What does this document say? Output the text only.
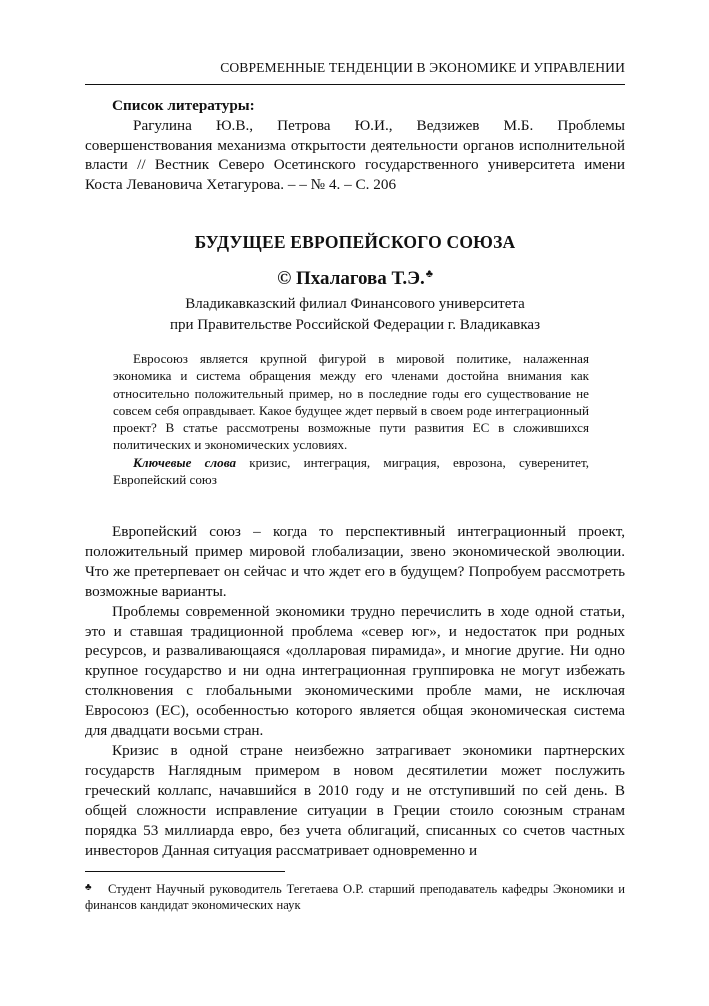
СОВРЕМЕННЫЕ ТЕНДЕНЦИИ В ЭКОНОМИКЕ И УПРАВЛЕНИИ
Список литературы:
Рагулина Ю.В., Петрова Ю.И., Ведзижев М.Б. Проблемы совершенствования механизма открытости деятельности органов исполнительной власти // Вестник Северо Осетинского государственного университета имени Коста Левановича Хетагурова. – – № 4. – С. 206
БУДУЩЕЕ ЕВРОПЕЙСКОГО СОЮЗА
© Пхалагова Т.Э.♣
Владикавказский филиал Финансового университета
при Правительстве Российской Федерации г. Владикавказ

Евросоюз является крупной фигурой в мировой политике, налаженная экономика и система обращения между его членами достойна внимания как относительно положительный пример, но в последние годы его существование не совсем себя оправдывает. Какое будущее ждет первый в своем роде интеграционный проект? В статье рассмотрены возможные пути развития ЕС в сложившихся политических и экономических условиях.

Ключевые слова кризис, интеграция, миграция, еврозона, суверенитет, Европейский союз

Европейский союз – когда то перспективный интеграционный проект, положительный пример мировой глобализации, звено экономической эволюции. Что же претерпевает он сейчас и что ждет его в будущем? Попробуем рассмотреть возможные варианты.

Проблемы современной экономики трудно перечислить в ходе одной статьи, это и ставшая традиционной проблема «север юг», и недостаток при родных ресурсов, и разваливающаяся «долларовая пирамида», и многие другие. Ни одно крупное государство и ни одна интеграционная группировка не могут избежать столкновения с глобальными экономическими пробле мами, не исключая Евросоюз (ЕС), особенностью которого является общая экономическая система для двадцати восьми стран.

Кризис в одной стране неизбежно затрагивает экономики партнерских государств Наглядным примером в новом десятилетии может послужить греческий коллапс, начавшийся в 2010 году и не отступивший по сей день. В общей сложности исправление ситуации в Греции стоило союзным странам порядка 53 миллиарда евро, без учета облигаций, списанных со счетов частных инвесторов Данная ситуация рассматривает одновременно и

♣ Студент Научный руководитель Тегетаева О.Р. старший преподаватель кафедры Экономики и финансов кандидат экономических наук
